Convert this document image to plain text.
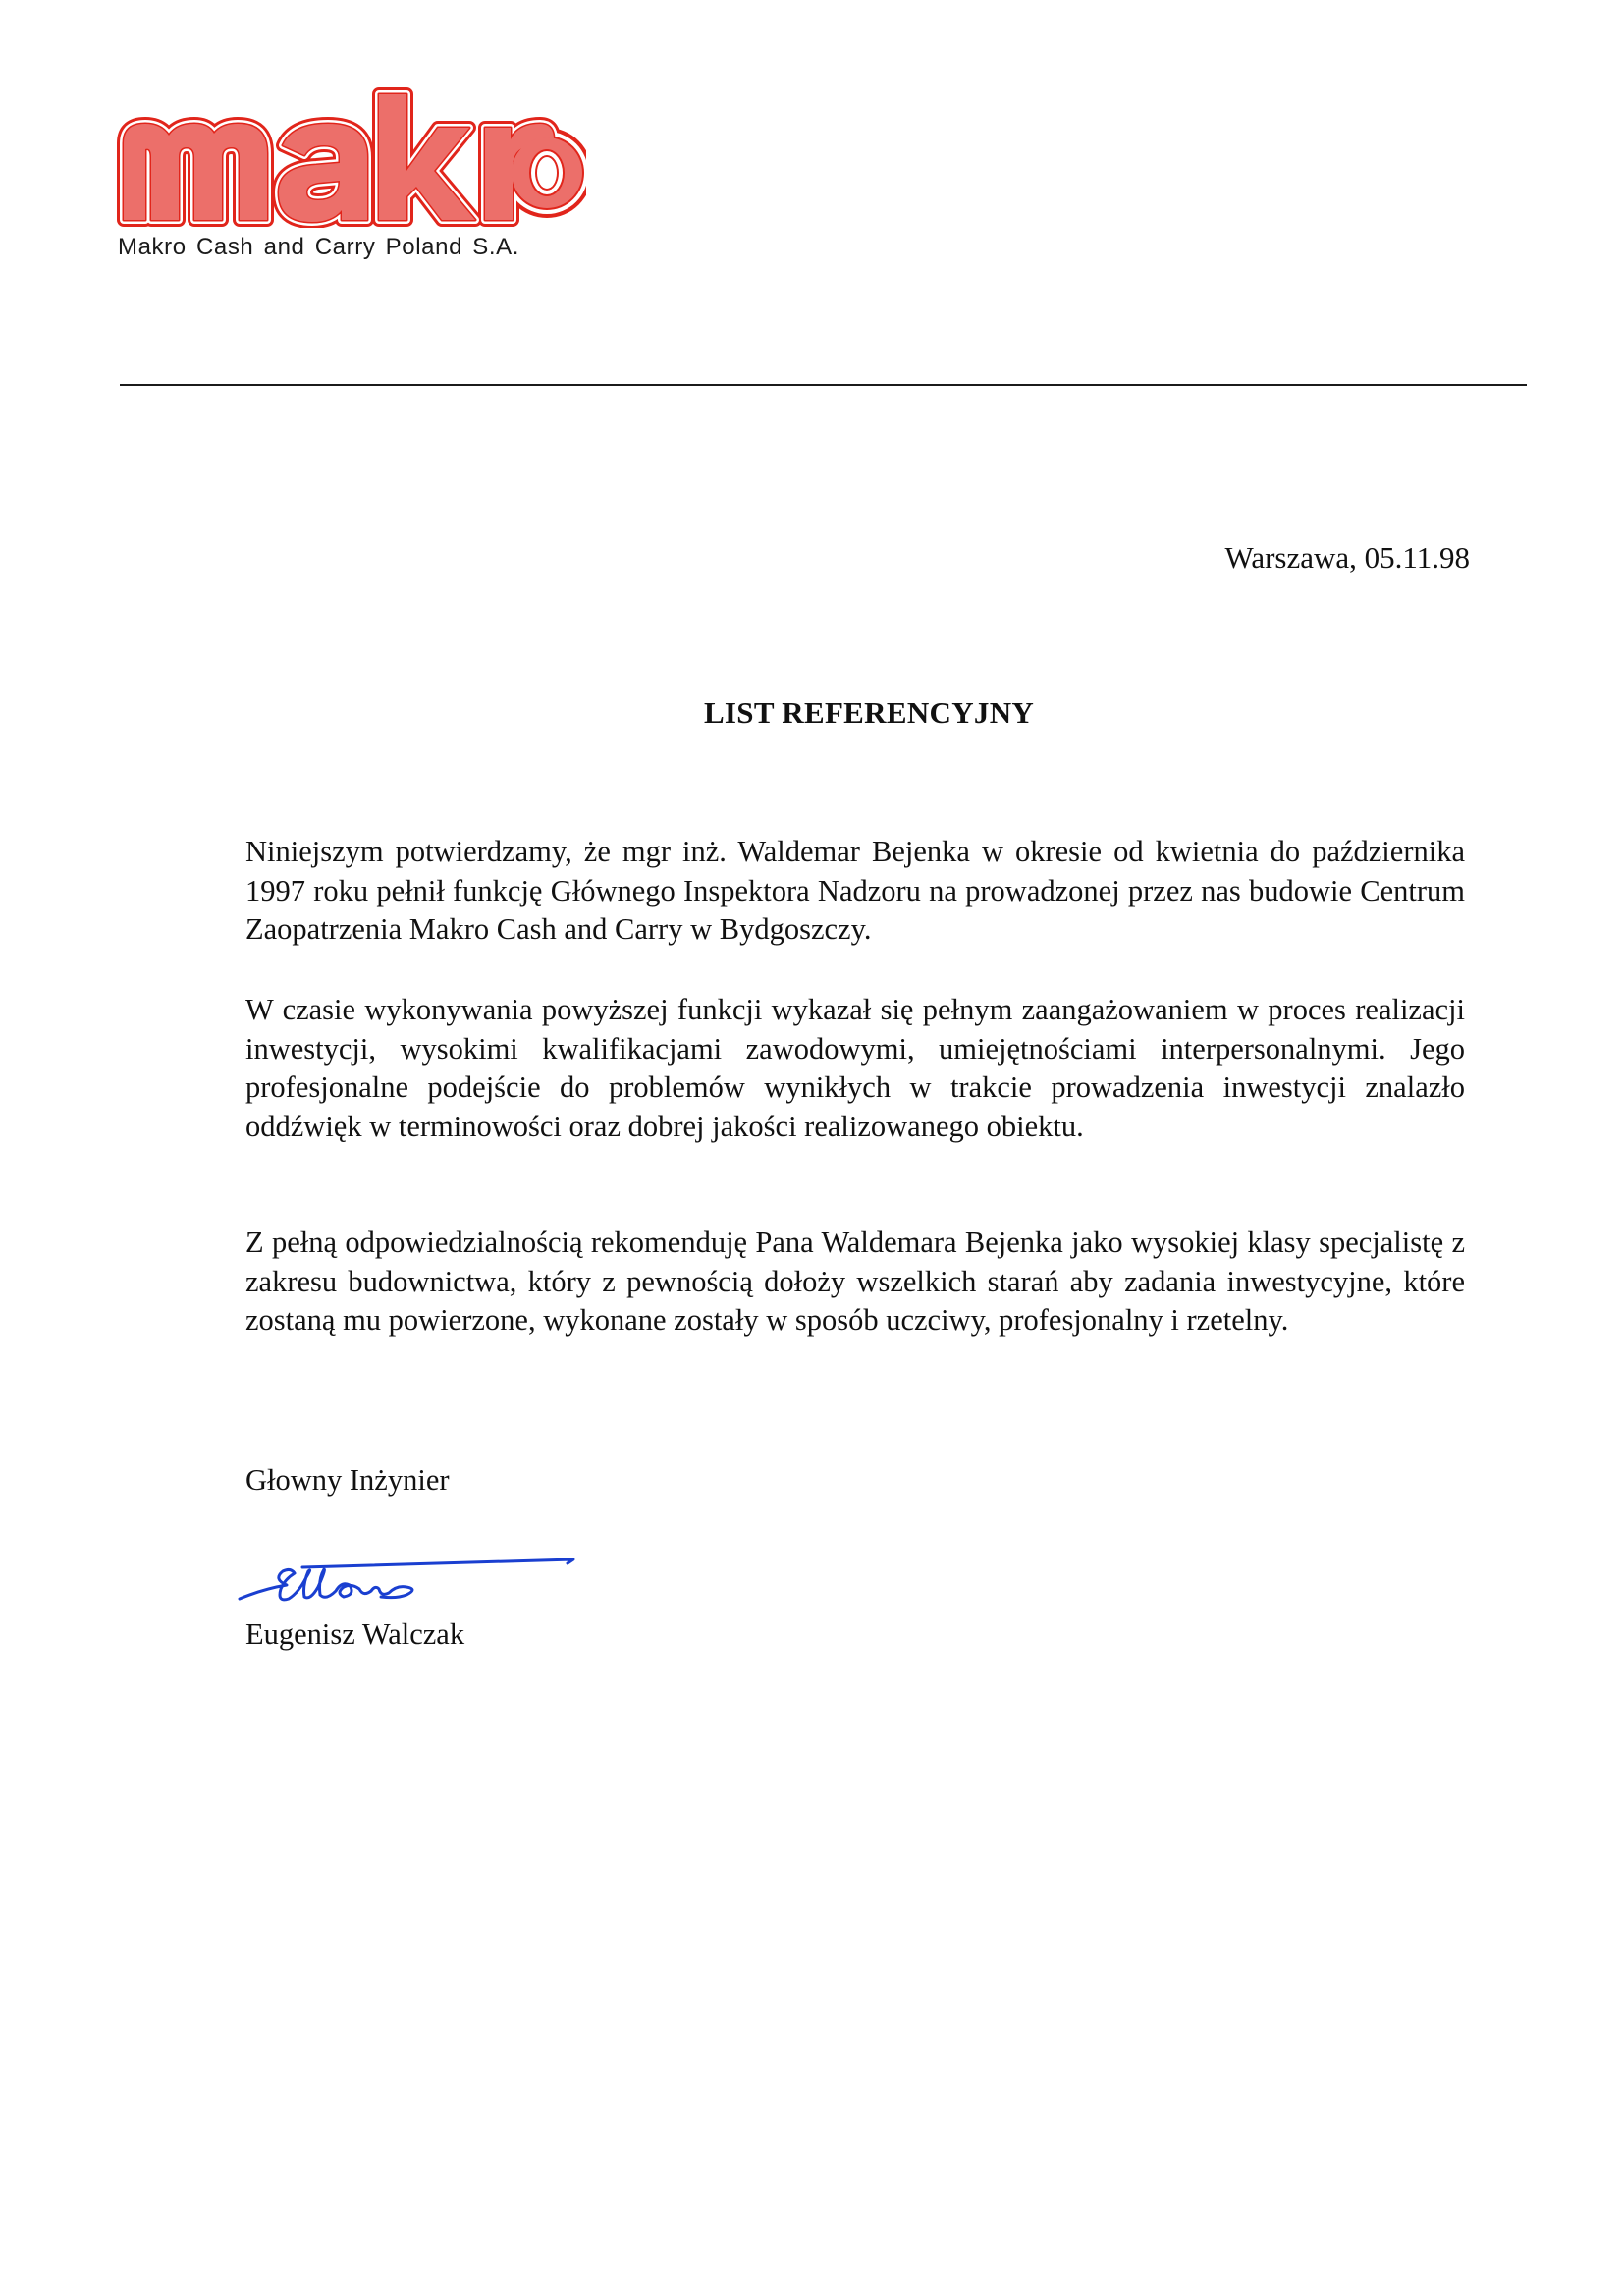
Makro Cash and Carry Poland S.A.
Warszawa, 05.11.98
LIST REFERENCYJNY

Niniejszym potwierdzamy, że mgr inż. Waldemar Bejenka w okresie od kwietnia do października 1997 roku pełnił funkcję Głównego Inspektora Nadzoru na prowadzonej przez nas budowie Centrum Zaopatrzenia Makro Cash and Carry w Bydgoszczy.

W czasie wykonywania powyższej funkcji wykazał się pełnym zaangażowaniem w proces realizacji inwestycji, wysokimi kwalifikacjami zawodowymi, umiejętnościami interpersonalnymi. Jego profesjonalne podejście do problemów wynikłych w trakcie prowadzenia inwestycji znalazło oddźwięk w terminowości oraz dobrej jakości realizowanego obiektu.

Z pełną odpowiedzialnością rekomenduję Pana Waldemara Bejenka jako wysokiej klasy specjalistę z zakresu budownictwa, który z pewnością dołoży wszelkich starań aby zadania inwestycyjne, które zostaną mu powierzone, wykonane zostały w sposób uczciwy, profesjonalny i rzetelny.

Głowny Inżynier
Eugenisz Walczak
